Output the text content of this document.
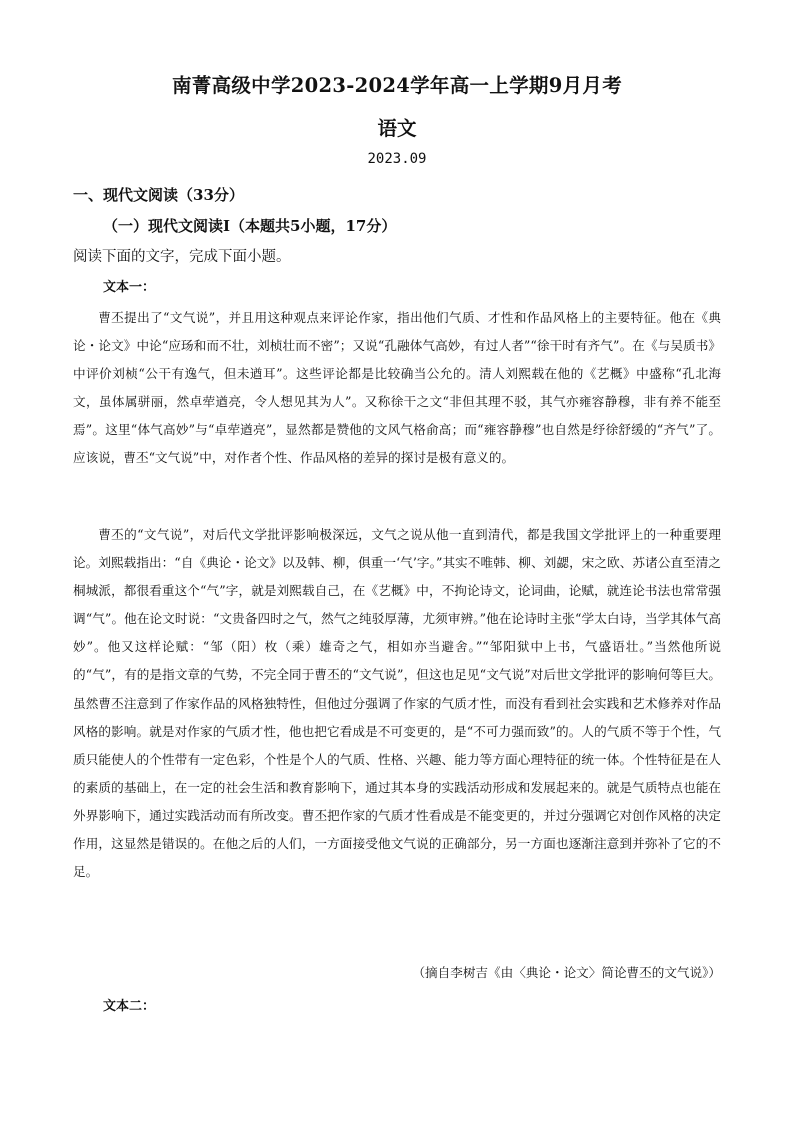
南菁高级中学2023-2024学年高一上学期9月月考
语文
2023.09
一、现代文阅读（33分）
（一）现代文阅读Ⅰ（本题共5小题，17分）
阅读下面的文字，完成下面小题。
文本一：

曹丕提出了“文气说”，并且用这种观点来评论作家，指出他们气质、才性和作品风格上的主要特征。他在《典论・论文》中论“应玚和而不壮，刘桢壮而不密”；又说“孔融体气高妙，有过人者”“徐干时有齐气”。在《与吴质书》中评价刘桢“公干有逸气，但未遒耳”。这些评论都是比较确当公允的。清人刘熙载在他的《艺概》中盛称“孔北海文，虽体属骈丽，然卓荦遒亮，令人想见其为人”。又称徐干之文“非但其理不驳，其气亦雍容静穆，非有养不能至焉”。这里“体气高妙”与“卓荦遒亮”，显然都是赞他的文风气格俞高；而“雍容静穆”也自然是纾徐舒缓的“齐气”了。应该说，曹丕“文气说”中，对作者个性、作品风格的差异的探讨是极有意义的。

曹丕的“文气说”，对后代文学批评影响极深远，文气之说从他一直到清代，都是我国文学批评上的一种重要理论。刘熙载指出：“自《典论・论文》以及韩、柳，俱重一‘气’字。”其实不唯韩、柳、刘勰，宋之欧、苏诸公直至清之桐城派，都很看重这个“气”字，就是刘熙载自己，在《艺概》中，不拘论诗文，论词曲，论赋，就连论书法也常常强调“气”。他在论文时说：“文贵备四时之气，然气之纯驳厚薄，尤须审辨。”他在论诗时主张“学太白诗，当学其体气高妙”。他又这样论赋：“邹（阳）枚（乘）雄奇之气，相如亦当避舍。”“邹阳狱中上书，气盛语壮。”当然他所说的“气”，有的是指文章的气势，不完全同于曹丕的“文气说”，但这也足见“文气说”对后世文学批评的影响何等巨大。虽然曹丕注意到了作家作品的风格独特性，但他过分强调了作家的气质才性，而没有看到社会实践和艺术修养对作品风格的影响。就是对作家的气质才性，他也把它看成是不可变更的，是“不可力强而致”的。人的气质不等于个性，气质只能使人的个性带有一定色彩，个性是个人的气质、性格、兴趣、能力等方面心理特征的统一体。个性特征是在人的素质的基础上，在一定的社会生活和教育影响下，通过其本身的实践活动形成和发展起来的。就是气质特点也能在外界影响下，通过实践活动而有所改变。曹丕把作家的气质才性看成是不能变更的，并过分强调它对创作风格的决定作用，这显然是错误的。在他之后的人们，一方面接受他文气说的正确部分，另一方面也逐渐注意到并弥补了它的不足。

（摘自李树吉《由〈典论・论文〉简论曹丕的文气说》）
文本二：
